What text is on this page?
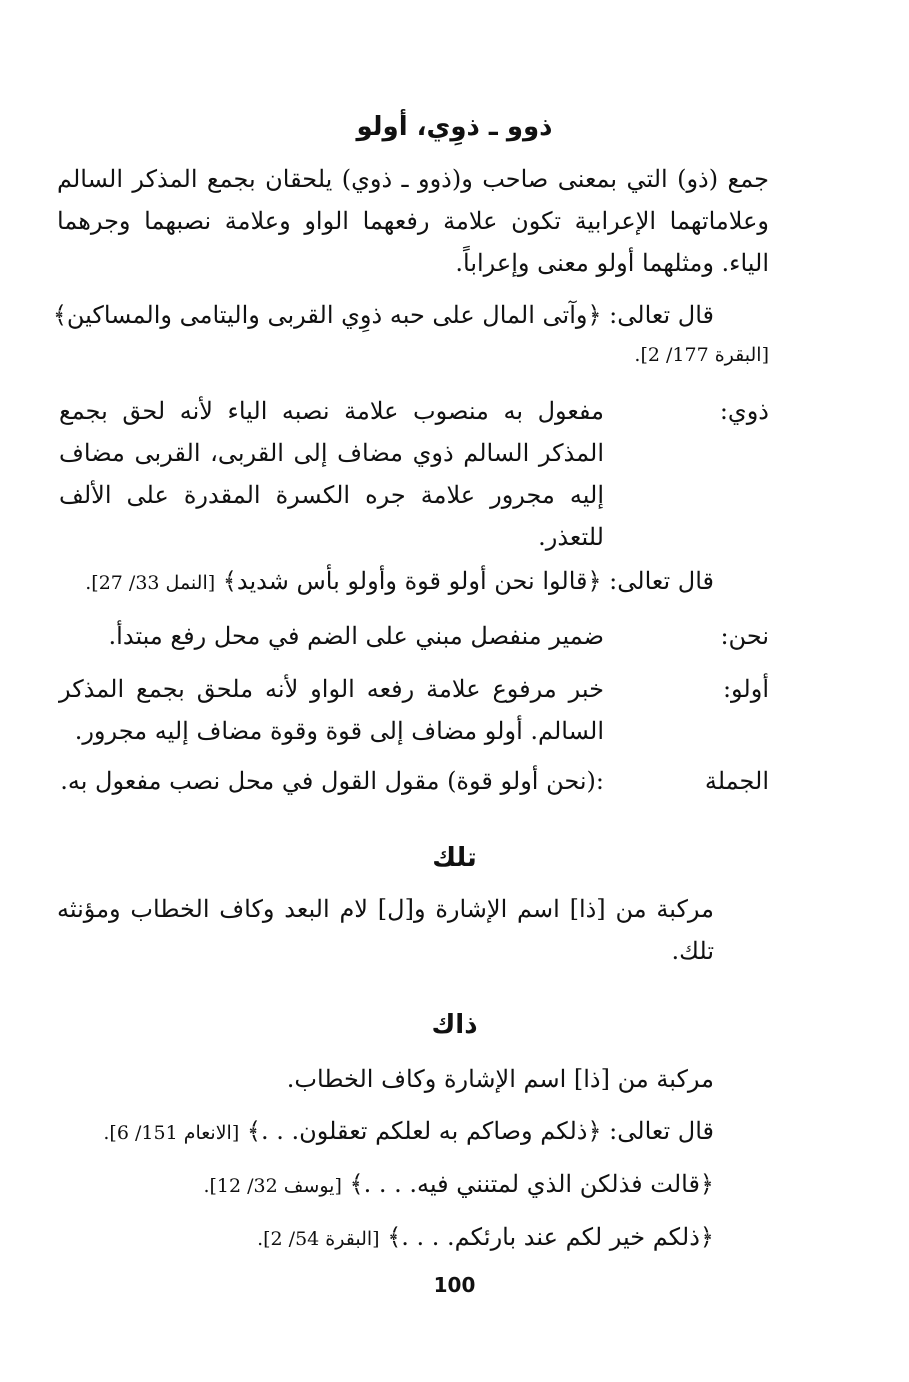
ذوو ـ ذوِي، أولو
جمع (ذو) التي بمعنى صاحب و(ذوو ـ ذوي) يلحقان بجمع المذكر السالم وعلاماتهما الإعرابية تكون علامة رفعهما الواو وعلامة نصبهما وجرهما الياء. ومثلهما أولو معنى وإعراباً.
قال تعالى: ﴿وآتى المال على حبه ذوِي القربى واليتامى والمساكين﴾
[البقرة 177/ 2].
ذوي:
مفعول به منصوب علامة نصبه الياء لأنه لحق بجمع المذكر السالم ذوي مضاف إلى القربى، القربى مضاف إليه مجرور علامة جره الكسرة المقدرة على الألف للتعذر.
قال تعالى: ﴿قالوا نحن أولو قوة وأولو بأس شديد﴾ [النمل 33/ 27].
نحن:
ضمير منفصل مبني على الضم في محل رفع مبتدأ.
أولو:
خبر مرفوع علامة رفعه الواو لأنه ملحق بجمع المذكر السالم. أولو مضاف إلى قوة وقوة مضاف إليه مجرور.
الجملة
:(نحن أولو قوة) مقول القول في محل نصب مفعول به.
تلك
مركبة من [ذا] اسم الإشارة و[ل] لام البعد وكاف الخطاب ومؤنثه تلك.
ذاك
مركبة من [ذا] اسم الإشارة وكاف الخطاب.
قال تعالى: ﴿ذلكم وصاكم به لعلكم تعقلون. . .﴾ [الانعام 151/ 6].
﴿قالت فذلكن الذي لمتنني فيه. . . .﴾ [يوسف 32/ 12].
﴿ذلكم خير لكم عند بارئكم. . . .﴾ [البقرة 54/ 2].
100
